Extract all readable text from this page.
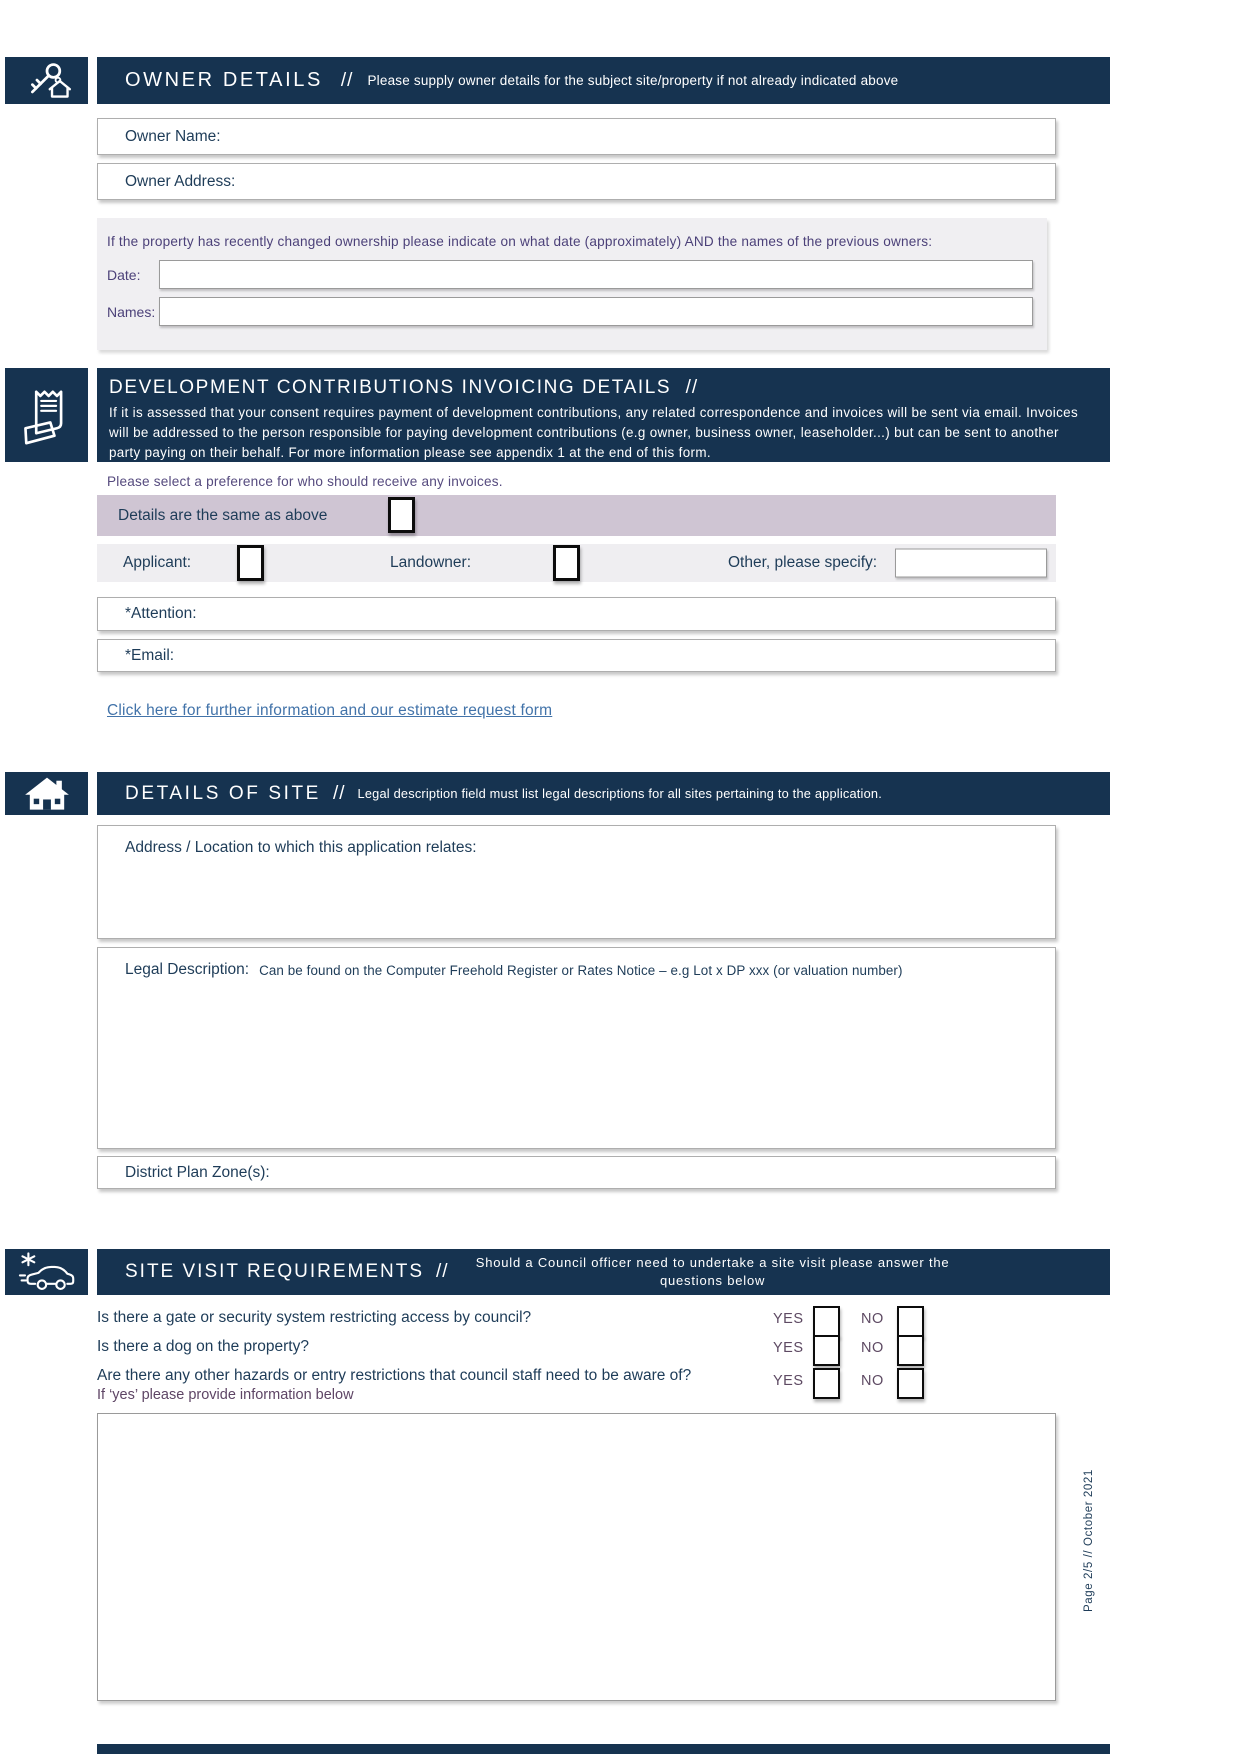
OWNER DETAILS // Please supply owner details for the subject site/property if not already indicated above
Owner Name:
Owner Address:
If the property has recently changed ownership please indicate on what date (approximately) AND the names of the previous owners:
Date:
Names:
DEVELOPMENT CONTRIBUTIONS INVOICING DETAILS //
If it is assessed that your consent requires payment of development contributions, any related correspondence and invoices will be sent via email. Invoices will be addressed to the person responsible for paying development contributions (e.g owner, business owner, leaseholder...) but can be sent to another party paying on their behalf. For more information please see appendix 1 at the end of this form.
Please select a preference for who should receive any invoices.
Details are the same as above
Applicant:	Landowner:	Other, please specify:
*Attention:
*Email:
Click here for further information and our estimate request form
DETAILS OF SITE // Legal description field must list legal descriptions for all sites pertaining to the application.
Address / Location to which this application relates:
Legal Description: Can be found on the Computer Freehold Register or Rates Notice – e.g Lot x DP xxx (or valuation number)
District Plan Zone(s):
SITE VISIT REQUIREMENTS // Should a Council officer need to undertake a site visit please answer the questions below
Is there a gate or security system restricting access by council?	YES	NO
Is there a dog on the property?	YES	NO
Are there any other hazards or entry restrictions that council staff need to be aware of?	YES	NO
If ‘yes’ please provide information below
Page 2/5 // October 2021
